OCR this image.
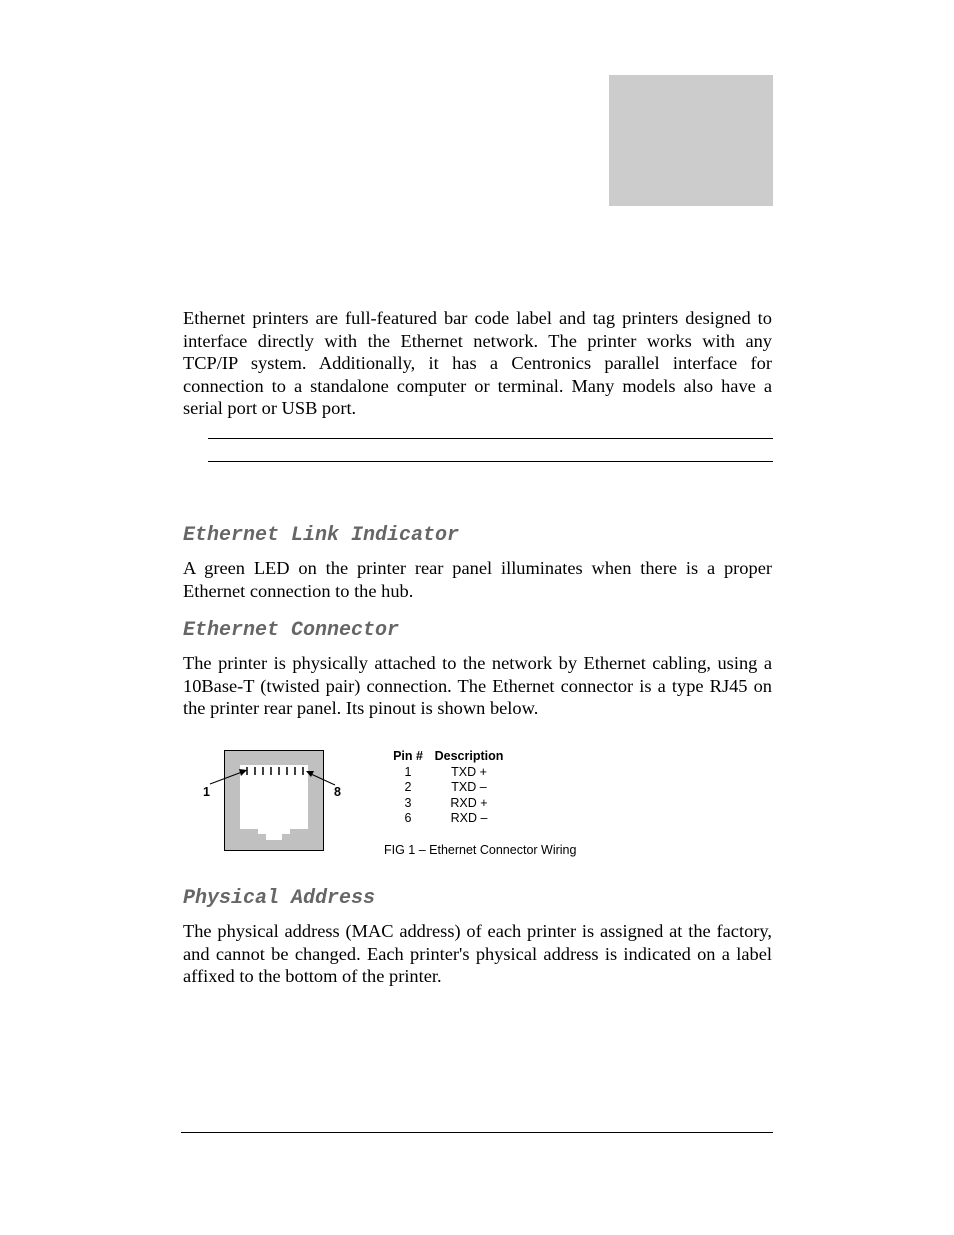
Ethernet printers are full-featured bar code label and tag printers designed to interface directly with the Ethernet network. The printer works with any TCP/IP system. Additionally, it has a Centronics parallel interface for connection to a standalone computer or terminal. Many models also have a serial port or USB port.

Ethernet Link Indicator

A green LED on the printer rear panel illuminates when there is a proper Ethernet connection to the hub.

Ethernet Connector

The printer is physically attached to the network by Ethernet cabling, using a 10Base-T (twisted pair) connection. The Ethernet connector is a type RJ45 on the printer rear panel. Its pinout is shown below.

1	8
Pin # Description
1	TXD +
2	TXD –
3	RXD +
6	RXD –
FIG 1 – Ethernet Connector Wiring
Physical Address

The physical address (MAC address) of each printer is assigned at the factory, and cannot be changed. Each printer's physical address is indicated on a label affixed to the bottom of the printer.
